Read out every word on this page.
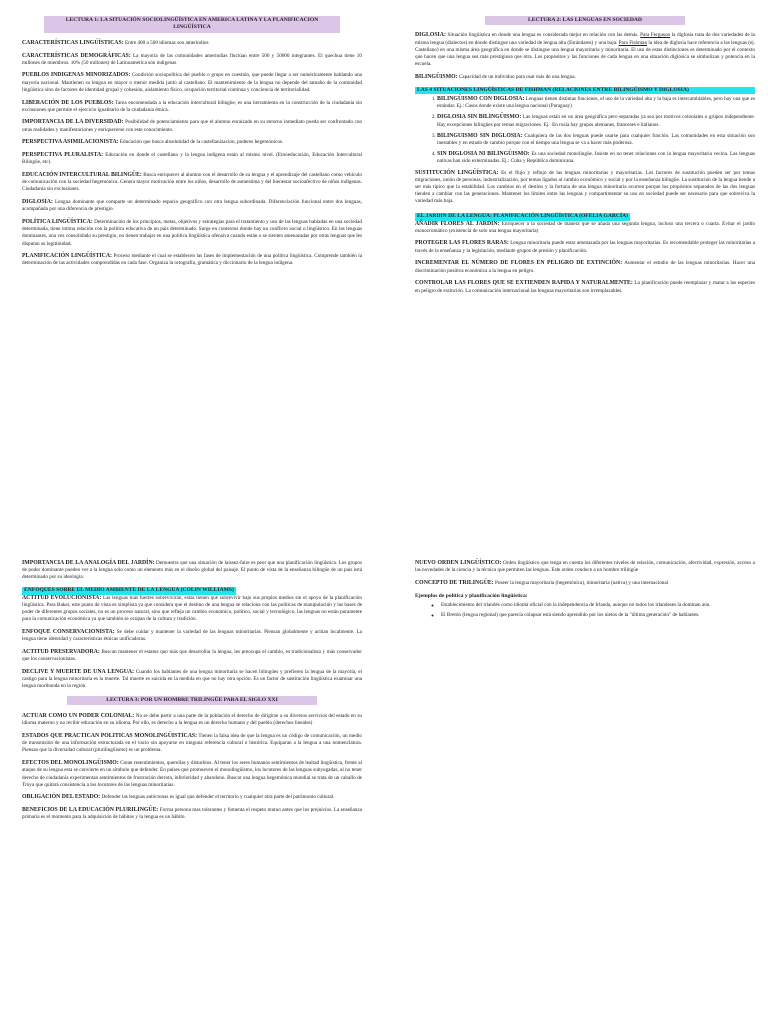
LECTURA 1: LA SITUACIÓN SOCIOLINGÜÍSTICA EN AMERICA LATINA Y LA PLANIFICACION LINGÜÍSTICA

CARACTERÍSTICAS LINGÜÍSTICAS: Entre 400 a 500 idiomas son amerindios

CARACTERÍSTICAS DEMOGRÁFICAS: La mayoría de las comunidades amerindias fluctúan entre 500 y 50000 integrantes. El quechua tiene 10 millones de miembros. 10% (50 millones) de Latinoamérica son indígenas

PUEBLOS INDIGENAS MINORIZADOS: Condición sociopolítica del pueblo o grupo en cuestión, que puede llegar a ser numéricamente hablando una mayoría nacional. Mantienen su lengua en mayor o menor medida junto al castellano. El mantenimiento de la lengua no depende del tamaño de la comunidad lingüística sino de factores de identidad grupal y cohesión, aislamiento físico, ocupación territorial continua y conciencia de territorialidad.

LIBERACIÓN DE LOS PUEBLOS: Tarea encomendada a la educación intercultural bilingüe, es una herramienta en la construcción de la ciudadanía sin exclusiones que permite el ejercicio igualitario de la ciudadanía étnica.

IMPORTANCIA DE LA DIVERSIDAD: Posibilidad de potenciamiento para que el alumno enraizado en su entorno inmediato pueda ser confrontado con otras realidades y manifestaciones y enriquecerse con este conocimiento.

PERSPECTIVA ASIMILACIONISTA: Educación que busca absolutidad de la castellanización, poderes hegemónicos.

PERSPECTIVA PLURALISTA: Educación en donde el castellano y la lengua indígena están al mismo nivel. (Etnoeducación, Educación Intercultural Bilingüe, etc).

EDUCACIÓN INTERCULTURAL BILINGÜE: Busca enriquecer al alumno con el desarrollo de su lengua y el aprendizaje del castellano como vehículo de comunicación con la sociedad hegemónica. Genera mayor motivación entre los niños, desarrollo de autoestima y del bienestar socioafectivo de niños indígenas. Ciudadanía sin exclusiones.

DIGLOSIA: Lengua dominante que comparte un determinado espacio geográfico con otra lengua subordinada. Diferenciación funcional entre dos lenguas, acompañada por una diferencia de prestigio.

POLÍTICA LINGÜÍSTICA: Determinación de los principios, metas, objetivos y estrategias para el tratamiento y uso de las lenguas habladas en una sociedad determinada, tiene íntima relación con la política educativa de un país determinado. Surge en contextos donde hay un conflicto social o lingüístico. En las lenguas dominantes, una vez consolidado su prestigio, no tienen trabajar en una política lingüística ofensiva cuando están o se sienten amenazadas por otras lenguas que les disputan su legitimidad.

PLANIFICACIÓN LINGÜÍSTICA: Proceso mediante el cual se establecen las fases de implementación de una política lingüística. Comprende también la determinación de las actividades comprendidas en cada fase. Organiza la ortografía, gramática y diccionario de la lengua indígena.

LECTURA 2: LAS LENGUAS EN SOCIEDAD

DIGLOSIA: Situación lingüística en donde una lengua es considerada mejor en relación con las demás. Para Ferguson la diglosia trata de dos variedades de la misma lengua (dialectos) en donde distingue una variedad de lengua alta (Estándares) y una baja. Para Fishman la idea de diglosia hace referencia a las lenguas (ej. Castellano) en una misma área geográfica en donde se distingue una lengua mayoritaria y minoritaria. El uso de estas distinciones es determinado por el contexto que hacen que una lengua sea más prestigiosa que otra. Los propósitos y las funciones de cada lengua en una situación diglósica se simbolizan y potencia en la escuela.

BILINGÜISMO: Capacidad de un individuo para usar más de una lengua.

LAS 4 SITUACIONES LINGÜÍSTICAS DE FISHMAN (RELACIONES ENTRE BILINGÜISMO Y DIGLOSIA)
1. BILINGÜISMO CON DIGLOSIA: Lenguas tienen distintas funciones, el uso de la variedad alta y la baja es intercambiables, pero hay una que es estándar. Ej.: Casos donde existe una lengua nacional (Paraguay)
2. DIGLOSIA SIN BILINGÜISMO: Las lenguas están en un área geográfica pero separadas ya sea por motivos coloniales o grupos independiente. Hay excepciones bilingües por temas migraciones. Ej.: En rusia hay grupos alemanes, franceses e italianos.
3. BILINGUISMO SIN DIGLOSIA: Cualquiera de las dos lenguas puede usarse para cualquier función. Las comunidades en esta situación son inestables y en estado de cambio porque con el tiempo una lengua se va a hacer más poderosa.
4. SIN DIGLOSIA NI BILINGÜISMO: Es una sociedad monolingüe. Insiste en no tener relaciones con la lengua mayoritaria vecina. Las lenguas nativas han sido exterminadas. Ej.: Cuba y República dominicana.

SUSTITUCIÓN LINGÜÍSTICA: Es el flujo y reflujo de las lenguas minoritarias y mayoritarias. Los factores de sustitución pueden ser por temas migraciones, unión de personas, industrialización, por temas ligados al cambio económico y social y por la enseñanza bilingüe. La sustitución de la lengua tiende a ser más típico que la estabilidad. Los cambios en el destino y la fortuna de una lengua minoritaria ocurren porque los propósitos separados de las dos lenguas tienden a cambiar con las generaciones. Mantener los límites entre las lenguas y compartimentar su uso en sociedad puede ser necesario para que sobreviva la variedad más baja.

EL JARDIN DE LA LENGUA: PLANIFICACIÓN LINGÜÍSTICA (OFELIA GARCÍA)

AÑADIR FLORES AL JARDIN: Enriquecer a la sociedad de manera que se añada una segunda lengua, incluso una tercera o cuarta. Evitar el jardín monocromático (existencia de solo una lengua mayoritaria)

PROTEGER LAS FLORES RARAS: Lengua minoritaria puede estar amenazada por las lenguas mayoritarias. Es recomendable proteger las minoritarias a través de la enseñanza y la legislación, mediante grupos de presión y planificación.

INCREMENTAR EL NÚMERO DE FLORES EN PELIGRO DE EXTINCIÓN: Aumentar el estudio de las lenguas minoritarias. Hacer una discriminación positiva económica a la lengua en peligro.

CONTROLAR LAS FLORES QUE SE EXTIENDEN RAPIDA Y NATURALMENTE: La planificación puede reemplazar y matar a las especies en peligro de extinción. La comunicación internacional las lenguas mayoritarias son irremplazables.

IMPORTANCIA DE LA ANALOGÍA DEL JARDÍN: Demuestra que una situación de laissez-faire es peor que una planificación lingüística. Los grupos de poder dominante pueden ver a la lengua solo como un elemento más en el diseño global del paisaje. El punto de vista de la enseñanza bilingüe de un país está determinado por su ideología.

ENFOQUES SOBRE EL MEDIO AMBIENTE DE LA LENGUA (COLIN WILLIAMS)

ACTITUD EVOLUCIONISTA: Las lenguas más fuertes sobrevivirán, estas tienen que sobrevivir bajo sus propios medios sin el apoyo de la planificación lingüística. Para Baker, este punto de vista es simplista ya que considera que el destino de una lengua se relaciona con las políticas de manipulación y las bases de poder de diferentes grupos sociales, no es un proceso natural, sino que refleja un cambio económico, político, social y tecnológico, las lenguas no están puramente para la comunicación económica ya que también se ocupan de la cultura y tradición.

ENFOQUE CONSERVACIONISTA: Se debe cuidar y mantener la variedad de las lenguas minoritarias. Piensan globalmente y actúan localmente. La lengua tiene identidad y características étnicas unificadoras.

ACTITUD PRESERVADORA: Buscan mantener el estatus quo más que desarrollar la lengua, les preocupa el cambio, es tradicionalista y más conservador que los conservacionistas.

DECLIVE Y MUERTE DE UNA LENGUA: Cuando los hablantes de una lengua minoritaria se hacen bilingües y prefieren la lengua de la mayoría, el castigo para la lengua minoritaria es la muerte. Tal muerte es suicida en la medida en que no hay otra opción. Es un factor de sustitución lingüística examinar una lengua moribunda en la región.

LECTURA 3: POR UN HOMBRE TRILINGÜE PARA EL SIGLO XXI

ACTUAR COMO UN PODER COLONIAL: No se debe partir a una parte de la población el derecho de dirigirse a su diversos servicios del estado en su idioma materno y no recibir educación en su idioma. Por ello, es derecho a la lengua es un derecho humano y del pueblo (derechos lineales)

ESTADOS QUE PRACTICAN POLITICAS MONOLINGÜISTICAS: Tienen la falsa idea de que la lengua es un código de comunicación, un medio de transmisión de una información estructurada en el vacío sin apoyarse en ninguna referencia cultural o histórica. Equiparan a la lengua a una nomenclatura. Piensan que la diversidad cultural (plurilingüismo) es un problema.

EFECTOS DEL MONOLINGÜISMO: Crean resentimientos, querellas y disturbios. Al tener los seres humanos sentimientos de lealtad lingüística, frente al ataque de su lengua esta se convierte en un símbolo que defender. En países que promueven el monolingüismo, los locutores de las lenguas subyugadas, al no tener derecho de ciudadanía experimentan sentimientos de frustración derrota, inferioridad y abandono. Buscar una lengua hegemónica mundial se trata de un caballo de Troya que quitará consistencia a los locutores de las lenguas minoritarias.

OBLIGACIÓN DEL ESTADO: Defender las lenguas autóctonas es igual que defender el territorio y cualquier otra parte del patrimonio cultural.

BENEFICIOS DE LA EDUCACIÓN PLURILINGÜE: Forma persona mas tolerantes y fomenta el respeto mutuo antes que los prejuicios. La enseñanza primaria es el momento para la adquisición de hábitos y la lengua es un hábito.

NUEVO ORDEN LINGÜÍSTICO: Orden lingüístico que tenga en cuenta los diferentes niveles de relación, comunicación, afectividad, expresión, acceso a las novedades de la ciencia y la técnica que permiten las lenguas. Este orden conduce a un hombre trilingüe

CONCEPTO DE TRILINGÜE: Poseer la lengua mayoritaria (hegemónica), minoritaria (nativa) y una internacional

Ejemplos de política y planificación lingüística:
◦ Establecimiento del irlandés como idioma oficial con la independencia de Irlanda, aunque no todos los irlandeses la dominan aún.
◦ El Bretón (lengua regional) que parecía colapsar está siendo aprendido por los nietos de la "última generación" de hablantes.
